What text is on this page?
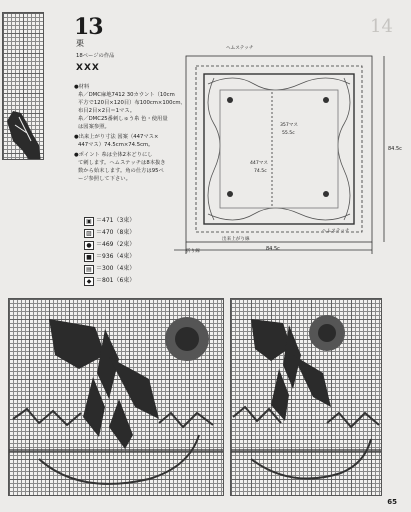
13
栗
18ページの作品
XXX
●材料
糸／DMC麻地7412 30カウント（10cm
平方で120目×120目）布100cm×100cm、
布目2目×2目＝1マス。
糸／DMC25番刺しゅう糸 色・使用量
は図案参照。
●出来上がり寸法 図案（447マス×
447マス）74.5cm×74.5cm。
●ポイント 糸は全体2本どりにし
て刺します。ヘムステッチは8本抜き
数から始末します。角の仕方は95ペ
ージ参照して下さい。
▣ ＝471（3束）
▨ ＝470（8束）
● ＝469（2束）
■ ＝936（4束）
▤ ＝300（4束）
◆ ＝801（6束）
14
ヘムステッチ
ヘムステッチ
出来上がり線
折り線
357マス
55.5c
447マス
74.5c
84.5c
84.5c
65
